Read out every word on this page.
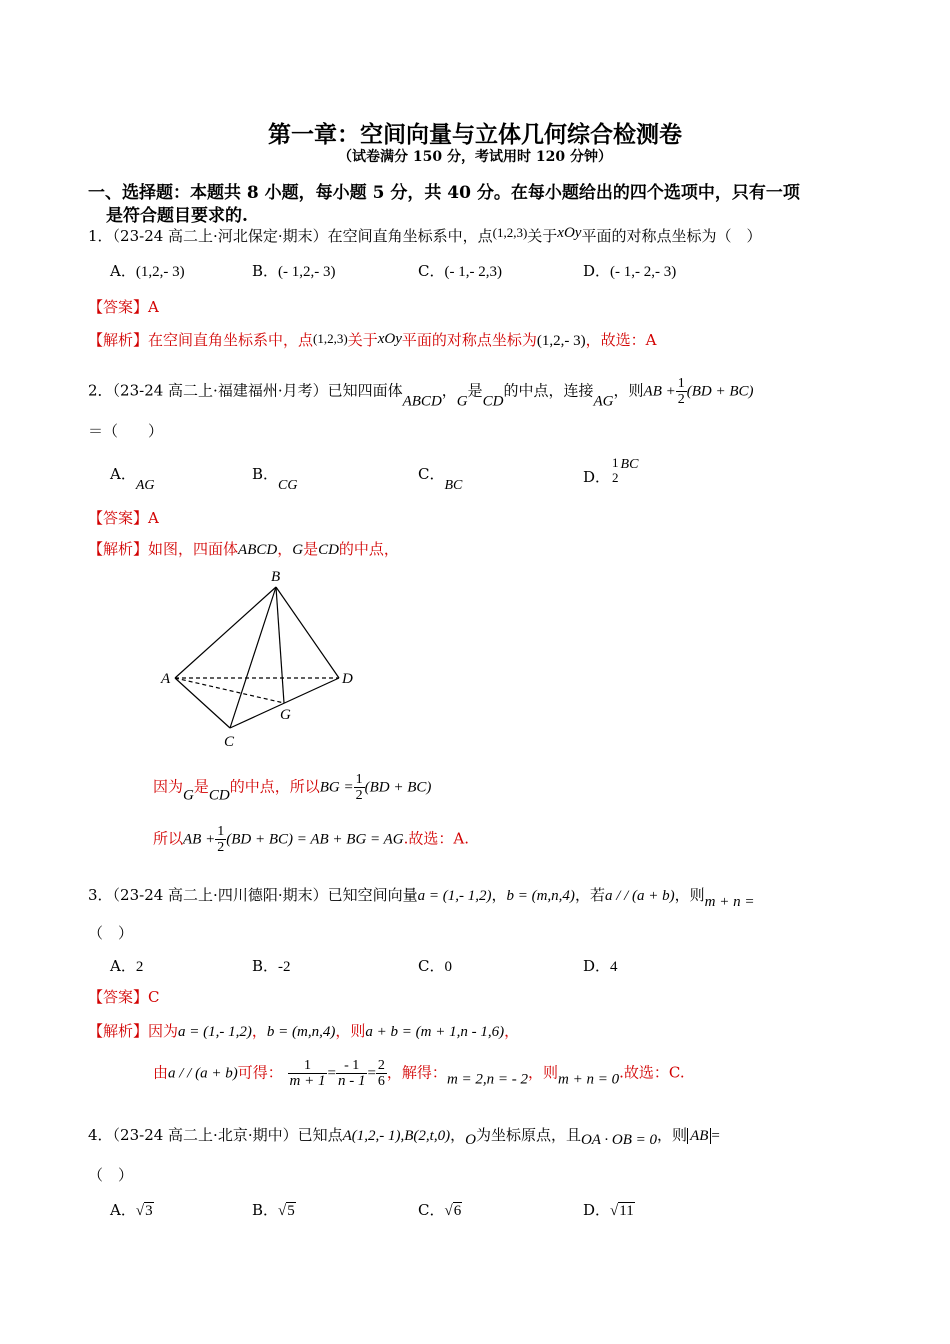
第一章：空间向量与立体几何综合检测卷
（试卷满分 150 分，考试用时 120 分钟）
一、选择题：本题共 8 小题，每小题 5 分，共 40 分。在每小题给出的四个选项中，只有一项
是符合题目要求的.
1．（23-24 高二上·河北保定·期末）在空间直角坐标系中，点(1,2,3)关于xOy平面的对称点坐标为（　）
A．(1,2,- 3)	B．(- 1,2,- 3)	C．(- 1,- 2,3)	D．(- 1,- 2,- 3)
【答案】A
【解析】在空间直角坐标系中，点(1,2,3)关于xOy平面的对称点坐标为(1,2,- 3)，故选：A
2．（23-24 高二上·福建福州·月考）已知四面体ABCD，G是CD的中点，连接AG，则AB + $\frac{1}{2} (BD + BC)$
＝（　　）
A．AG
B．CG
C．BC	D．
1
2
BC
【答案】A
【解析】如图，四面体ABCD，G是CD的中点，
B
A	D
G
C
因为G是CD的中点，所以BG = $\frac{1}{2} (BD + BC)$
所以AB + $\frac{1}{2} (BD + BC)$ = AB + BG = AG.故选：A.
3．（23-24 高二上·四川德阳·期末）已知空间向量a = (1,- 1,2)，b = (m,n,4)，若a / / (a + b)，则m + n =
（　）
A．2	B．-2	C．0	D．4
【答案】C
【解析】因为a = (1,- 1,2)，b = (m,n,4)，则a + b = (m + 1,n - 1,6)，
由a / / (a + b)可得： $\frac{1}{m + 1} = \frac{- 1}{n - 1} = \frac{2}{6}$ ，解得：m = 2,n = - 2，则m + n = 0.故选：C.
4．（23-24 高二上·北京·期中）已知点A(1,2,- 1),B(2,t,0)，O为坐标原点，且OA · OB = 0，则 AB =
（　）
A．√3	B．√5	C．√6	D．√11
